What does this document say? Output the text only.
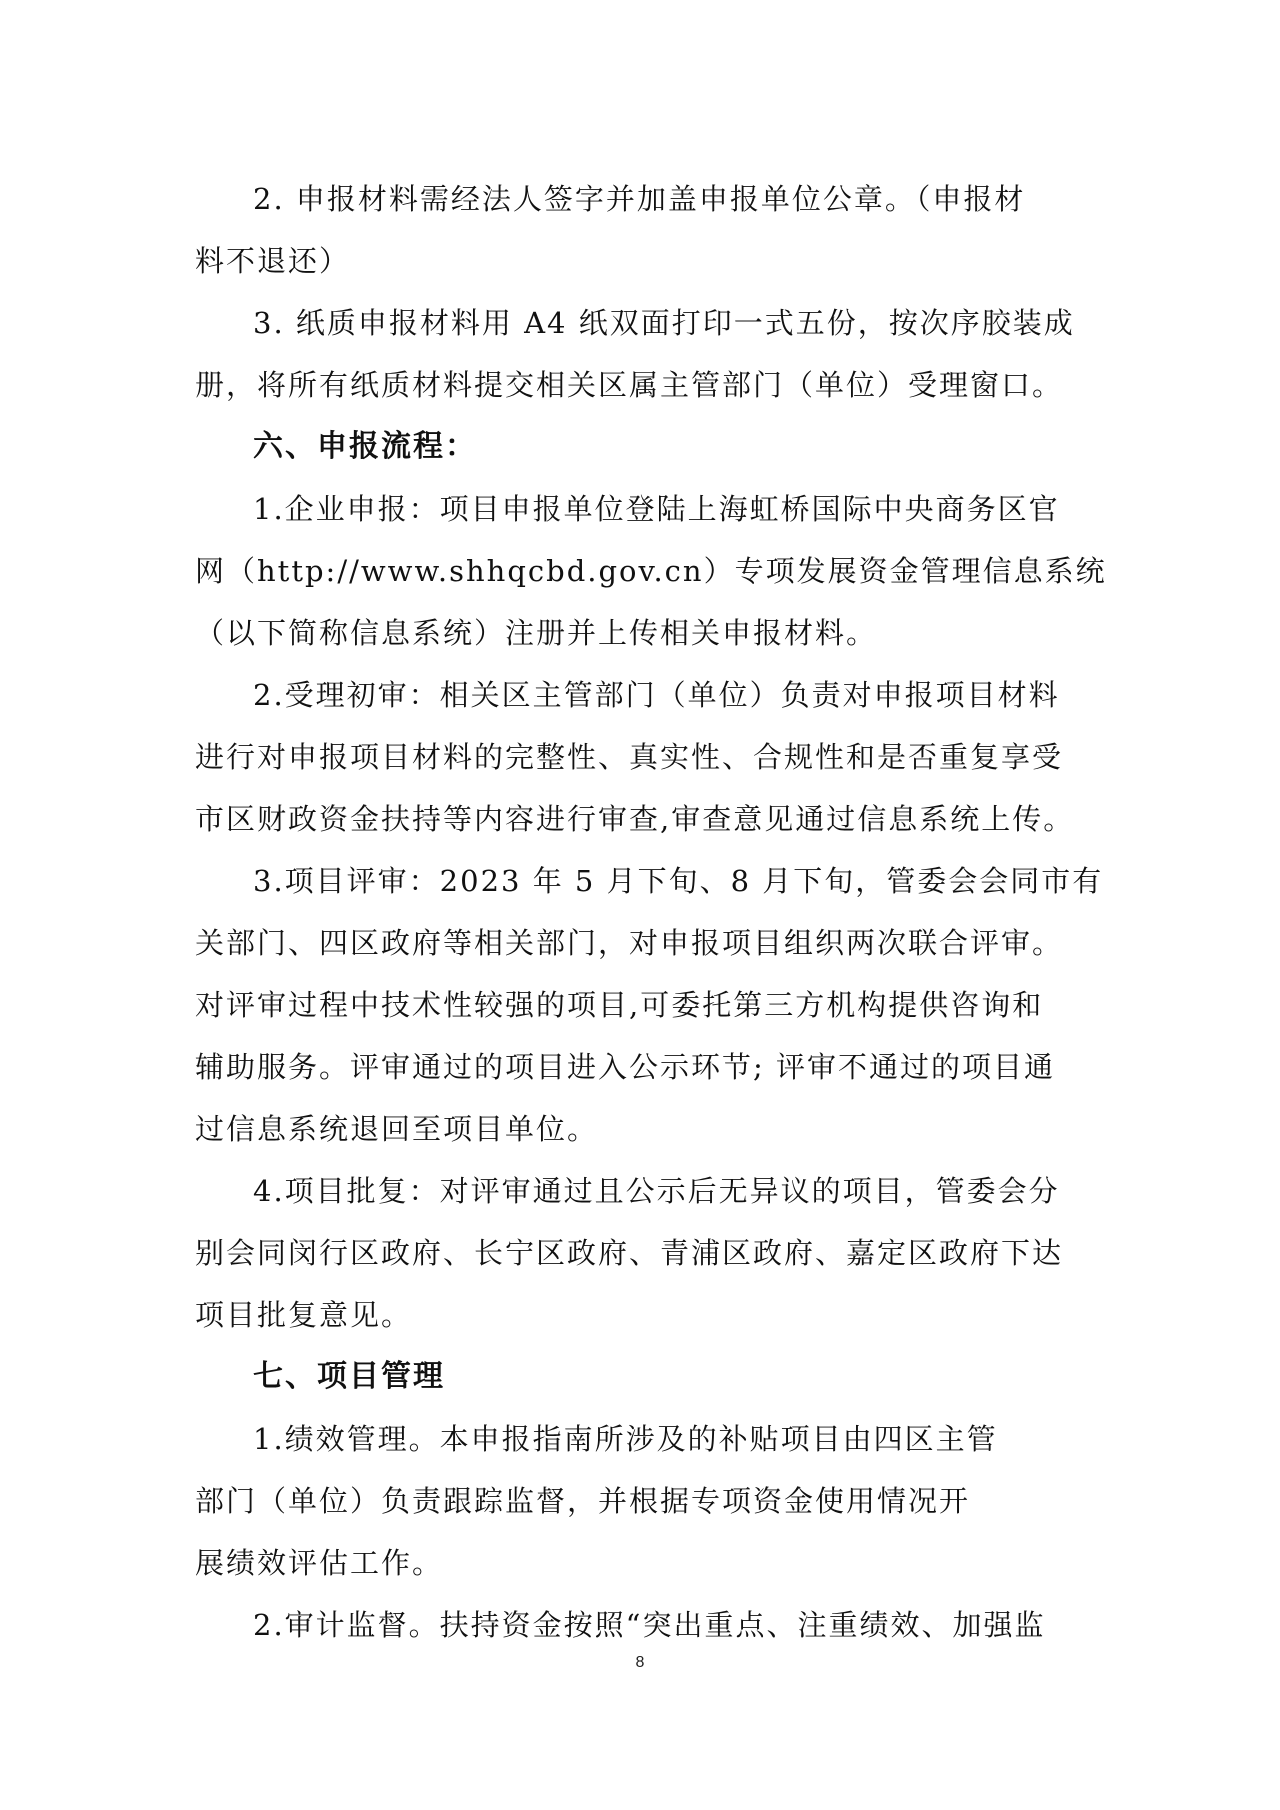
2. 申报材料需经法人签字并加盖申报单位公章。（申报材
料不退还）

3. 纸质申报材料用 A4 纸双面打印一式五份，按次序胶装成
册，将所有纸质材料提交相关区属主管部门（单位）受理窗口。

六、申报流程：

1.企业申报：项目申报单位登陆上海虹桥国际中央商务区官
网（http://www.shhqcbd.gov.cn）专项发展资金管理信息系统
（以下简称信息系统）注册并上传相关申报材料。

2.受理初审：相关区主管部门（单位）负责对申报项目材料
进行对申报项目材料的完整性、真实性、合规性和是否重复享受
市区财政资金扶持等内容进行审查,审查意见通过信息系统上传。

3.项目评审：2023 年 5 月下旬、8 月下旬，管委会会同市有
关部门、四区政府等相关部门，对申报项目组织两次联合评审。
对评审过程中技术性较强的项目,可委托第三方机构提供咨询和
辅助服务。评审通过的项目进入公示环节; 评审不通过的项目通
过信息系统退回至项目单位。

4.项目批复：对评审通过且公示后无异议的项目，管委会分
别会同闵行区政府、长宁区政府、青浦区政府、嘉定区政府下达
项目批复意见。

七、项目管理

1.绩效管理。本申报指南所涉及的补贴项目由四区主管
部门（单位）负责跟踪监督，并根据专项资金使用情况开
展绩效评估工作。

2.审计监督。扶持资金按照“突出重点、注重绩效、加强监

8
